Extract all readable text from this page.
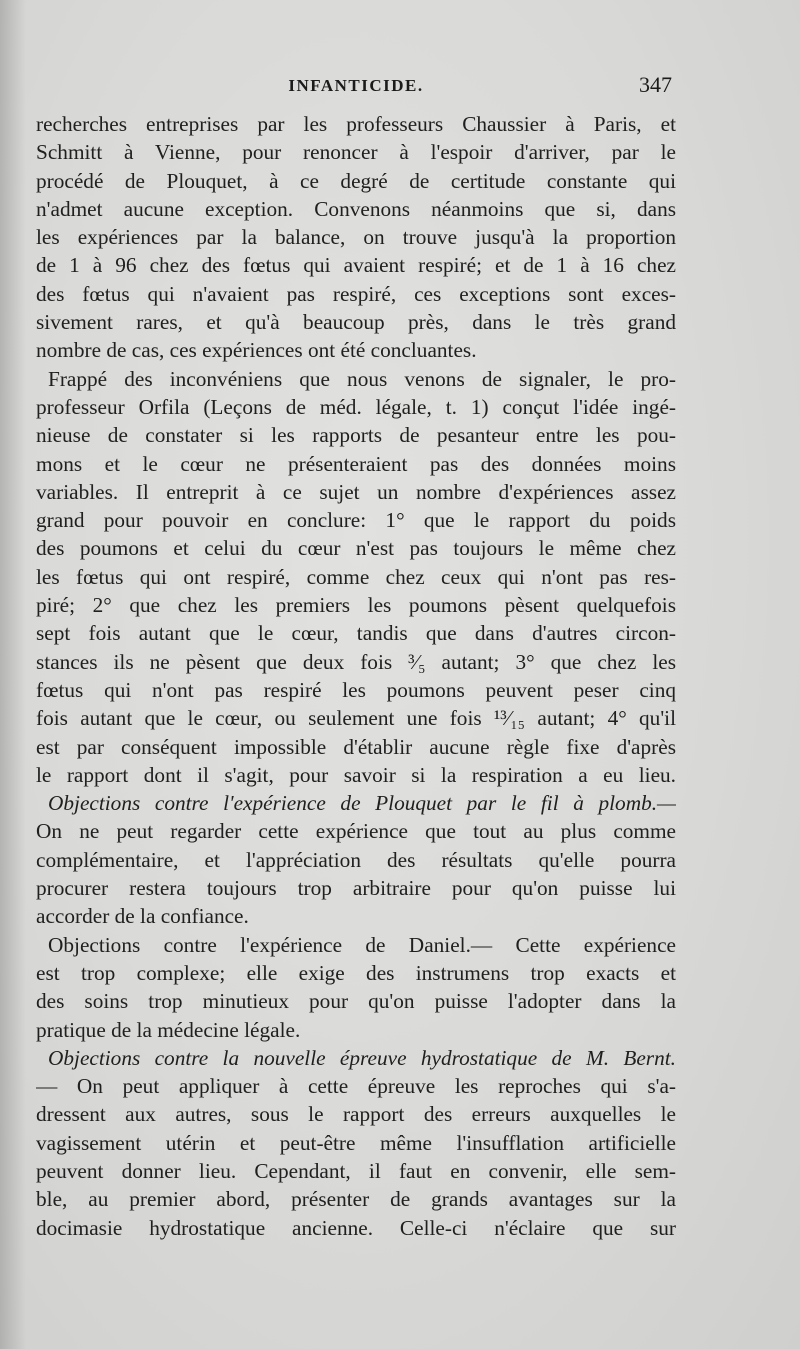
INFANTICIDE.	347
recherches entreprises par les professeurs Chaussier à Paris, et
Schmitt à Vienne, pour renoncer à l'espoir d'arriver, par le
procédé de Plouquet, à ce degré de certitude constante qui
n'admet aucune exception. Convenons néanmoins que si, dans
les expériences par la balance, on trouve jusqu'à la proportion
de 1 à 96 chez des fœtus qui avaient respiré; et de 1 à 16 chez
des fœtus qui n'avaient pas respiré, ces exceptions sont exces-
sivement rares, et qu'à beaucoup près, dans le très grand
nombre de cas, ces expériences ont été concluantes.
Frappé des inconvéniens que nous venons de signaler, le pro-
professeur Orfila (Leçons de méd. légale, t. 1) conçut l'idée ingé-
nieuse de constater si les rapports de pesanteur entre les pou-
mons et le cœur ne présenteraient pas des données moins
variables. Il entreprit à ce sujet un nombre d'expériences assez
grand pour pouvoir en conclure: 1° que le rapport du poids
des poumons et celui du cœur n'est pas toujours le même chez
les fœtus qui ont respiré, comme chez ceux qui n'ont pas res-
piré; 2° que chez les premiers les poumons pèsent quelquefois
sept fois autant que le cœur, tandis que dans d'autres circon-
stances ils ne pèsent que deux fois ³⁄₅ autant; 3° que chez les
fœtus qui n'ont pas respiré les poumons peuvent peser cinq
fois autant que le cœur, ou seulement une fois ¹³⁄₁₅ autant; 4° qu'il
est par conséquent impossible d'établir aucune règle fixe d'après
le rapport dont il s'agit, pour savoir si la respiration a eu lieu.
Objections contre l'expérience de Plouquet par le fil à plomb.—
On ne peut regarder cette expérience que tout au plus comme
complémentaire, et l'appréciation des résultats qu'elle pourra
procurer restera toujours trop arbitraire pour qu'on puisse lui
accorder de la confiance.
Objections contre l'expérience de Daniel.— Cette expérience
est trop complexe; elle exige des instrumens trop exacts et
des soins trop minutieux pour qu'on puisse l'adopter dans la
pratique de la médecine légale.
Objections contre la nouvelle épreuve hydrostatique de M. Bernt.
— On peut appliquer à cette épreuve les reproches qui s'a-
dressent aux autres, sous le rapport des erreurs auxquelles le
vagissement utérin et peut-être même l'insufflation artificielle
peuvent donner lieu. Cependant, il faut en convenir, elle sem-
ble, au premier abord, présenter de grands avantages sur la
docimasie hydrostatique ancienne. Celle-ci n'éclaire que sur
